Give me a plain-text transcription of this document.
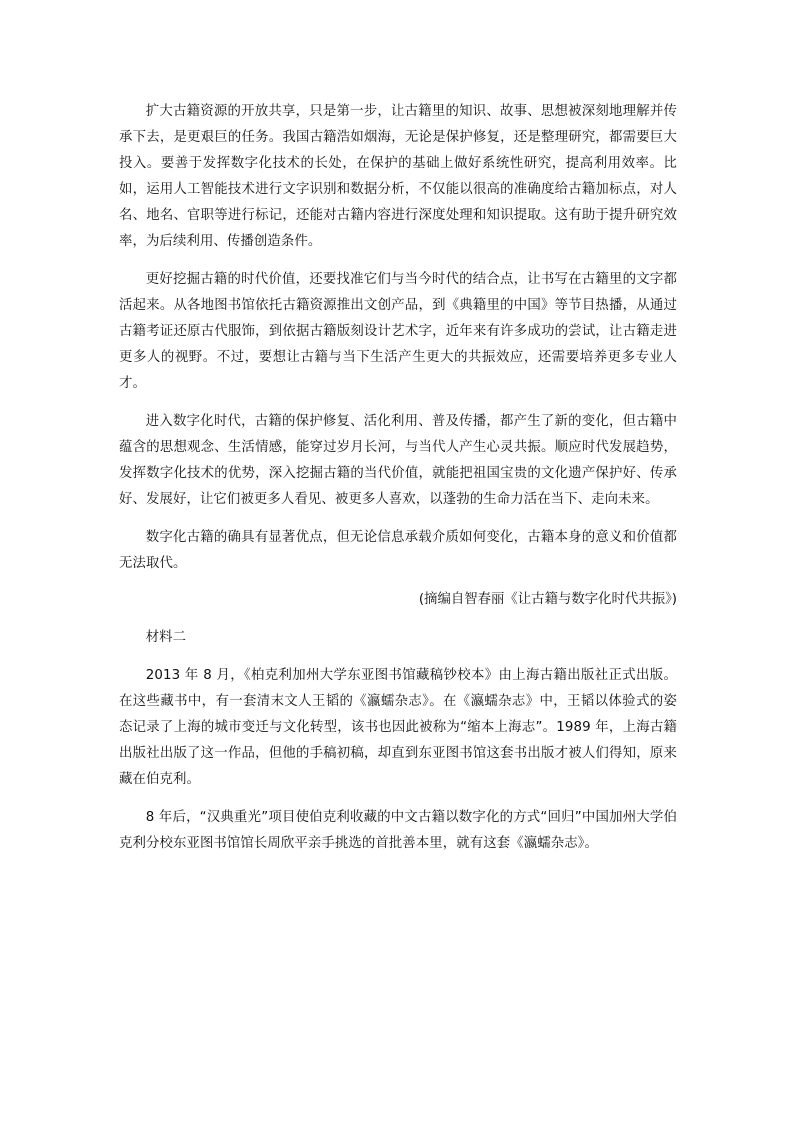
扩大古籍资源的开放共享，只是第一步，让古籍里的知识、故事、思想被深刻地理解并传承下去，是更艰巨的任务。我国古籍浩如烟海，无论是保护修复，还是整理研究，都需要巨大投入。要善于发挥数字化技术的长处，在保护的基础上做好系统性研究，提高利用效率。比如，运用人工智能技术进行文字识别和数据分析，不仅能以很高的准确度给古籍加标点，对人名、地名、官职等进行标记，还能对古籍内容进行深度处理和知识提取。这有助于提升研究效率，为后续利用、传播创造条件。

更好挖掘古籍的时代价值，还要找准它们与当今时代的结合点，让书写在古籍里的文字都活起来。从各地图书馆依托古籍资源推出文创产品，到《典籍里的中国》等节目热播，从通过古籍考证还原古代服饰，到依据古籍版刻设计艺术字，近年来有许多成功的尝试，让古籍走进更多人的视野。不过，要想让古籍与当下生活产生更大的共振效应，还需要培养更多专业人才。

进入数字化时代，古籍的保护修复、活化利用、普及传播，都产生了新的变化，但古籍中蕴含的思想观念、生活情感，能穿过岁月长河，与当代人产生心灵共振。顺应时代发展趋势，发挥数字化技术的优势，深入挖掘古籍的当代价值，就能把祖国宝贵的文化遗产保护好、传承好、发展好，让它们被更多人看见、被更多人喜欢，以蓬勃的生命力活在当下、走向未来。

数字化古籍的确具有显著优点，但无论信息承载介质如何变化，古籍本身的意义和价值都无法取代。

(摘编自智春丽《让古籍与数字化时代共振》)

材料二

2013 年 8 月，《柏克利加州大学东亚图书馆藏稿钞校本》由上海古籍出版社正式出版。在这些藏书中，有一套清末文人王韬的《瀛蠕杂志》。在《瀛蠕杂志》中，王韬以体验式的姿态记录了上海的城市变迁与文化转型，该书也因此被称为“缩本上海志”。1989 年，上海古籍出版社出版了这一作品，但他的手稿初稿，却直到东亚图书馆这套书出版才被人们得知，原来藏在伯克利。

8 年后，“汉典重光”项目使伯克利收藏的中文古籍以数字化的方式“回归”中国加州大学伯克利分校东亚图书馆馆长周欣平亲手挑选的首批善本里，就有这套《瀛蠕杂志》。
